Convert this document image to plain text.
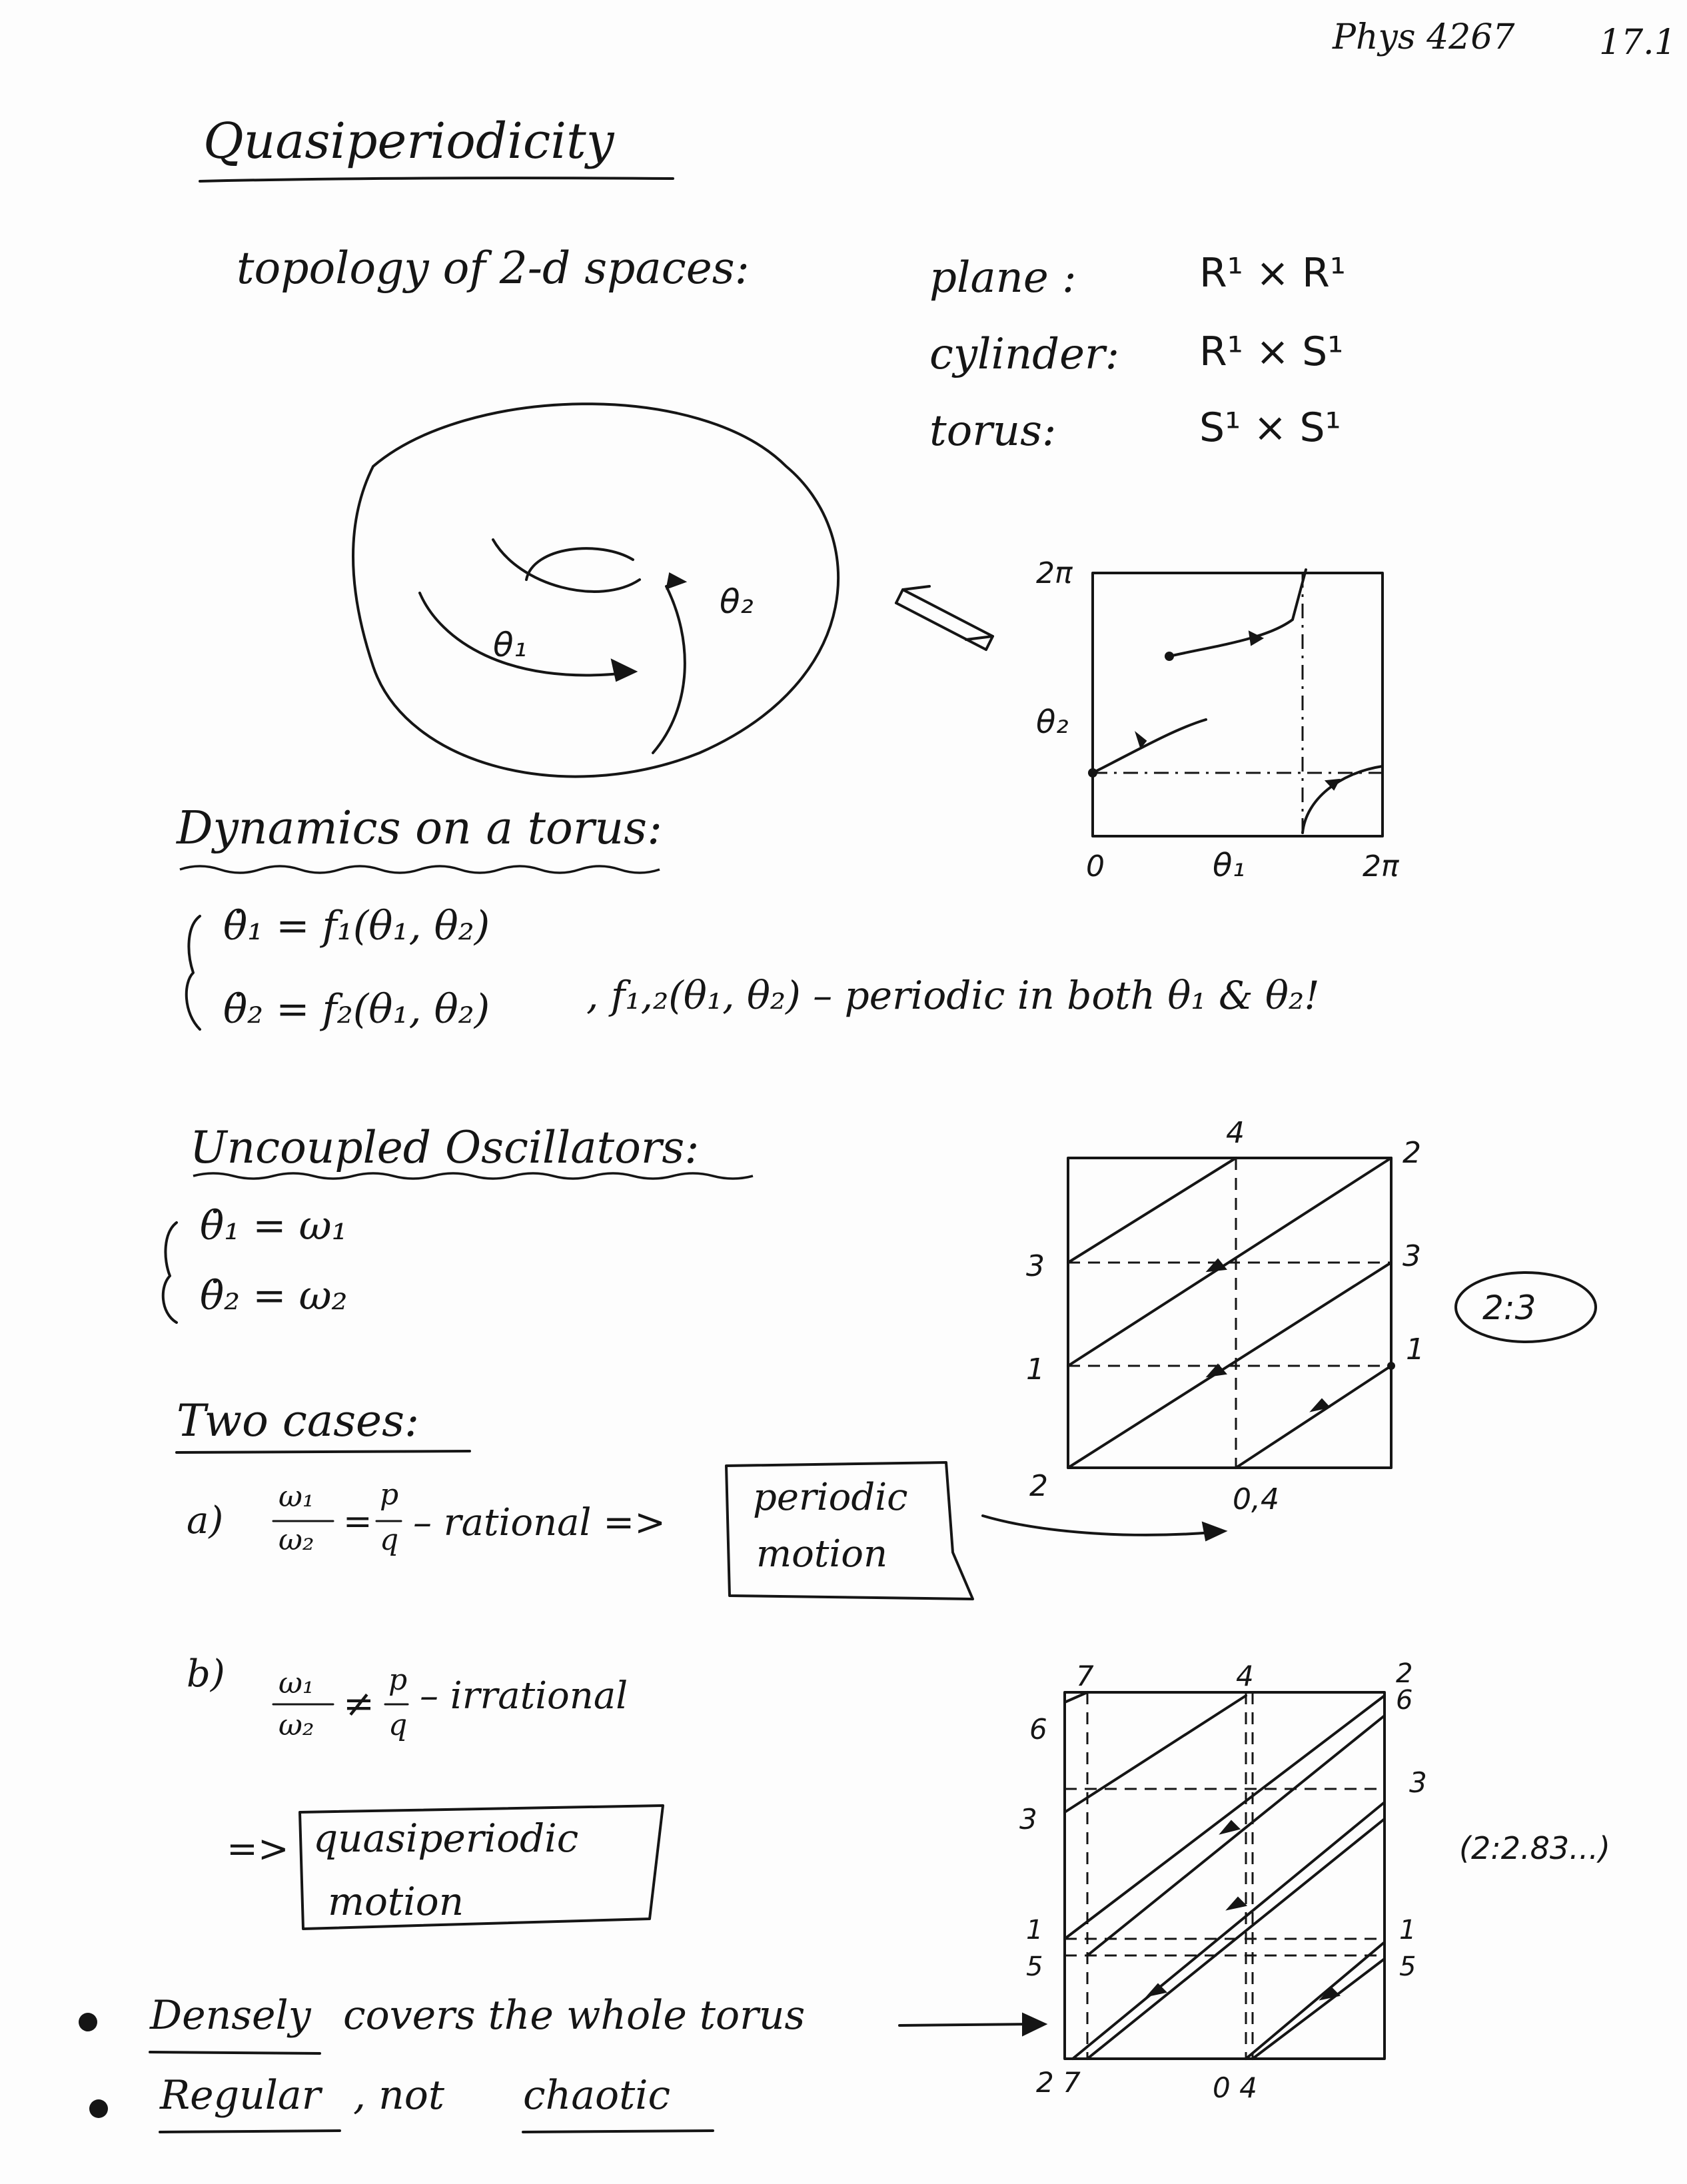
Phys 4267 17.1
Quasiperiodicity
topology of 2-d spaces:	plane :	R¹ × R¹
cylinder: R¹ × S¹
torus:	S¹ × S¹
Dynamics on a torus:
θ̇₁ = f₁(θ₁, θ₂)
θ̇₂ = f₂(θ₁, θ₂) , f₁,₂(θ₁, θ₂) – periodic in both θ₁ & θ₂!
Uncoupled Oscillators:
θ̇₁ = ω₁
θ̇₂ = ω₂
Two cases:
a)
ω₁
ω₂ =
p
q – rational =>
periodic
motion
b) ω₁
ω₂ ≠
p
q
– irrational
=> quasiperiodic
motion
Densely covers the whole torus
Regular , not chaotic
θ₁
θ₂
2π
θ₂
0	θ₁	2π
4
2
3	3
1
1
2	0,4
2:3
7	4	2
6
6
3
3
1
5
1
5
2 7	0 4
(2:2.83...)
